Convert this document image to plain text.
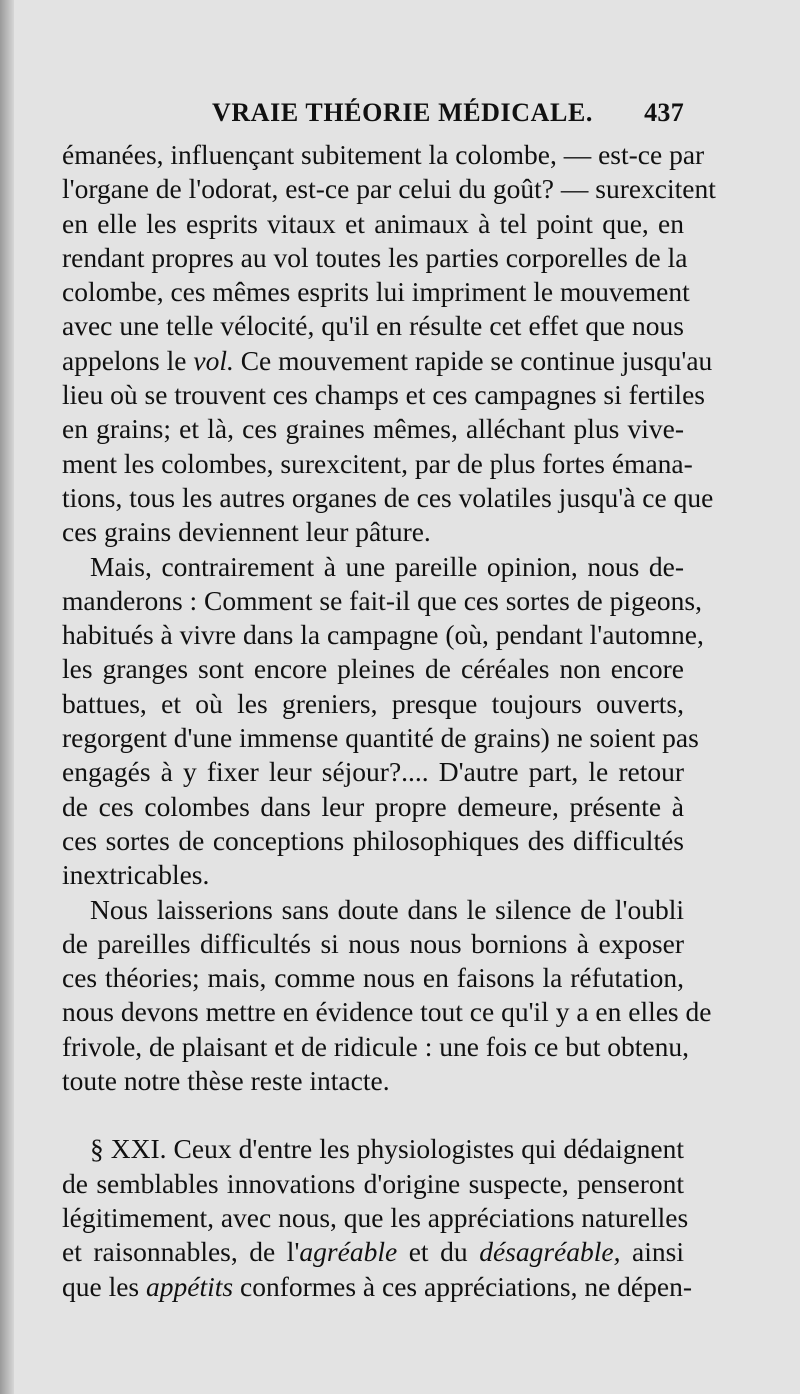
VRAIE THÉORIE MÉDICALE. 437
émanées, influençant subitement la colombe, — est-ce par
l'organe de l'odorat, est-ce par celui du goût? — surexcitent
en elle les esprits vitaux et animaux à tel point que, en
rendant propres au vol toutes les parties corporelles de la
colombe, ces mêmes esprits lui impriment le mouvement
avec une telle vélocité, qu'il en résulte cet effet que nous
appelons le vol. Ce mouvement rapide se continue jusqu'au
lieu où se trouvent ces champs et ces campagnes si fertiles
en grains; et là, ces graines mêmes, alléchant plus vive-
ment les colombes, surexcitent, par de plus fortes émana-
tions, tous les autres organes de ces volatiles jusqu'à ce que
ces grains deviennent leur pâture.
Mais, contrairement à une pareille opinion, nous de-
manderons : Comment se fait-il que ces sortes de pigeons,
habitués à vivre dans la campagne (où, pendant l'automne,
les granges sont encore pleines de céréales non encore
battues, et où les greniers, presque toujours ouverts,
regorgent d'une immense quantité de grains) ne soient pas
engagés à y fixer leur séjour?.... D'autre part, le retour
de ces colombes dans leur propre demeure, présente à
ces sortes de conceptions philosophiques des difficultés
inextricables.
Nous laisserions sans doute dans le silence de l'oubli
de pareilles difficultés si nous nous bornions à exposer
ces théories; mais, comme nous en faisons la réfutation,
nous devons mettre en évidence tout ce qu'il y a en elles de
frivole, de plaisant et de ridicule : une fois ce but obtenu,
toute notre thèse reste intacte.
§ XXI. Ceux d'entre les physiologistes qui dédaignent
de semblables innovations d'origine suspecte, penseront
légitimement, avec nous, que les appréciations naturelles
et raisonnables, de l'agréable et du désagréable, ainsi
que les appétits conformes à ces appréciations, ne dépen-
